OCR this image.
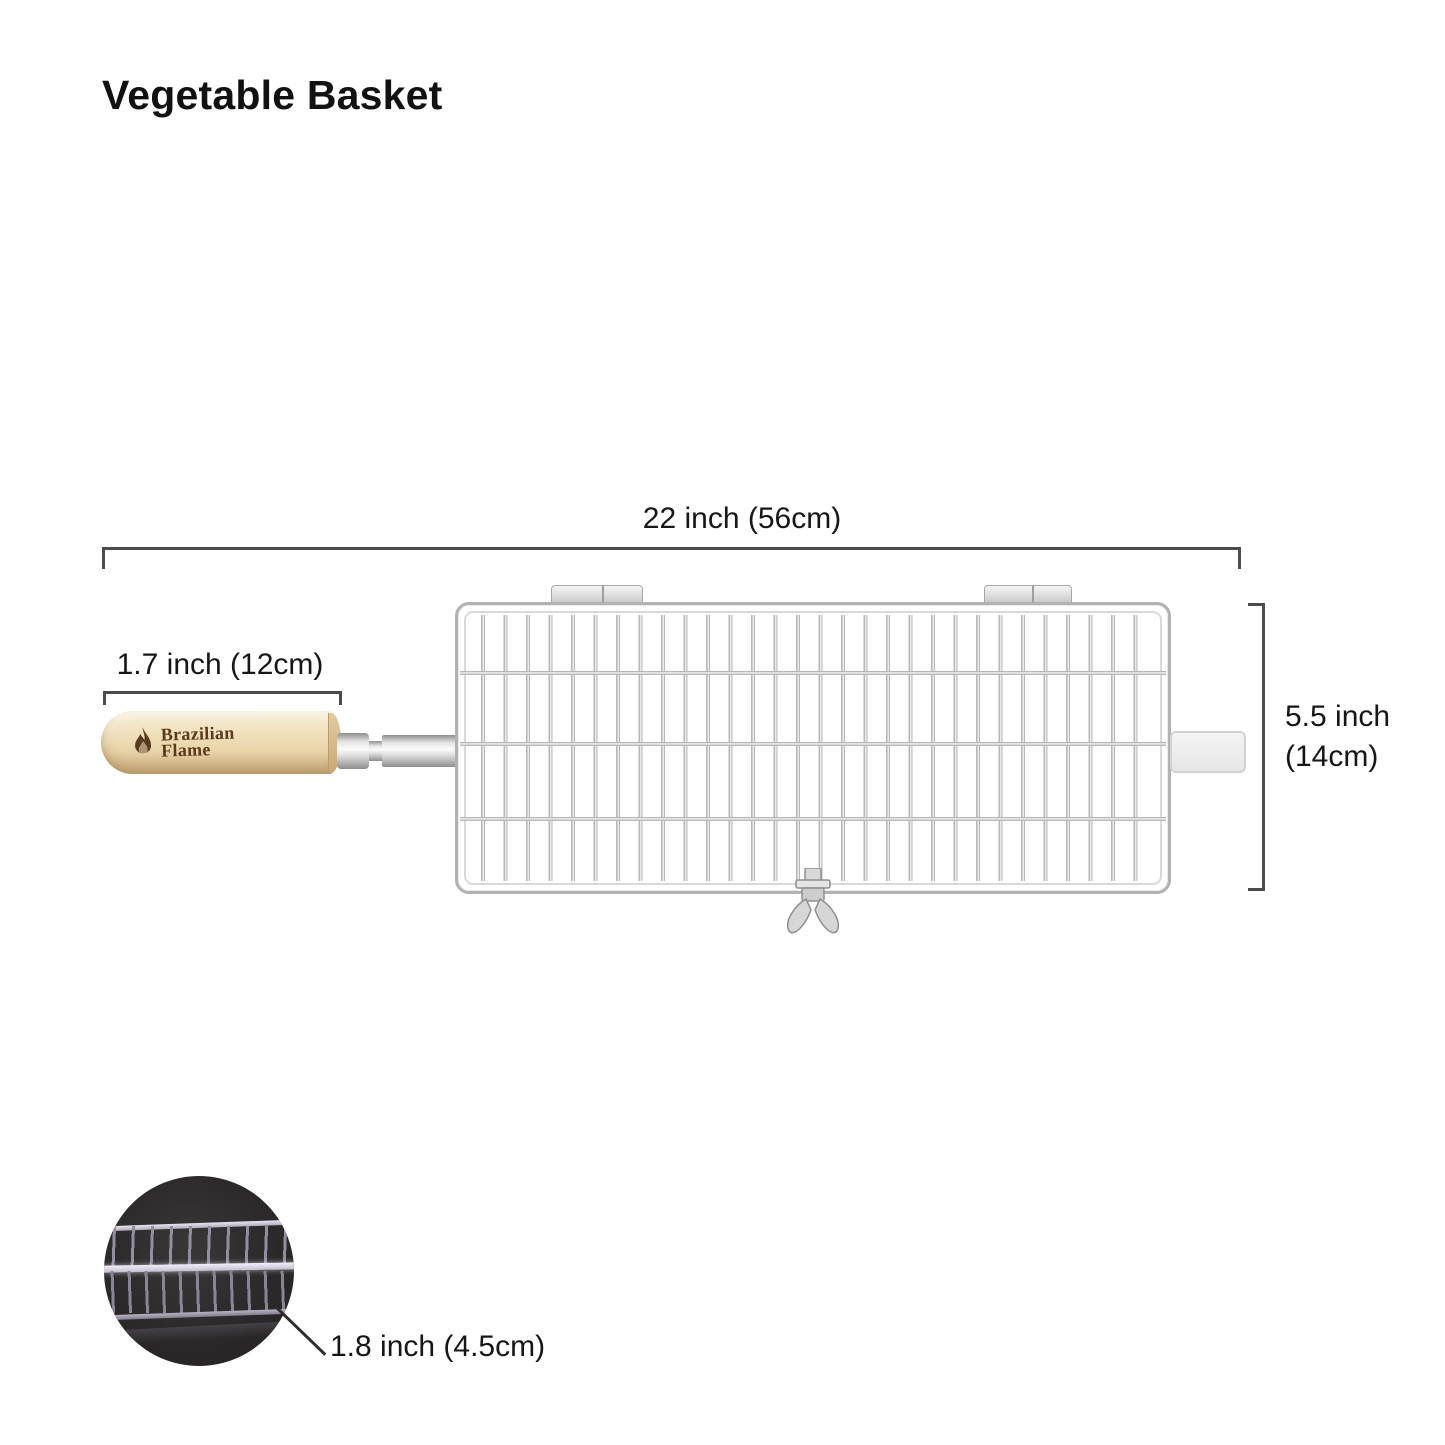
Vegetable Basket
22 inch (56cm)
1.7 inch (12cm)
Brazilian
Flame
5.5 inch
(14cm)
1.8 inch (4.5cm)
